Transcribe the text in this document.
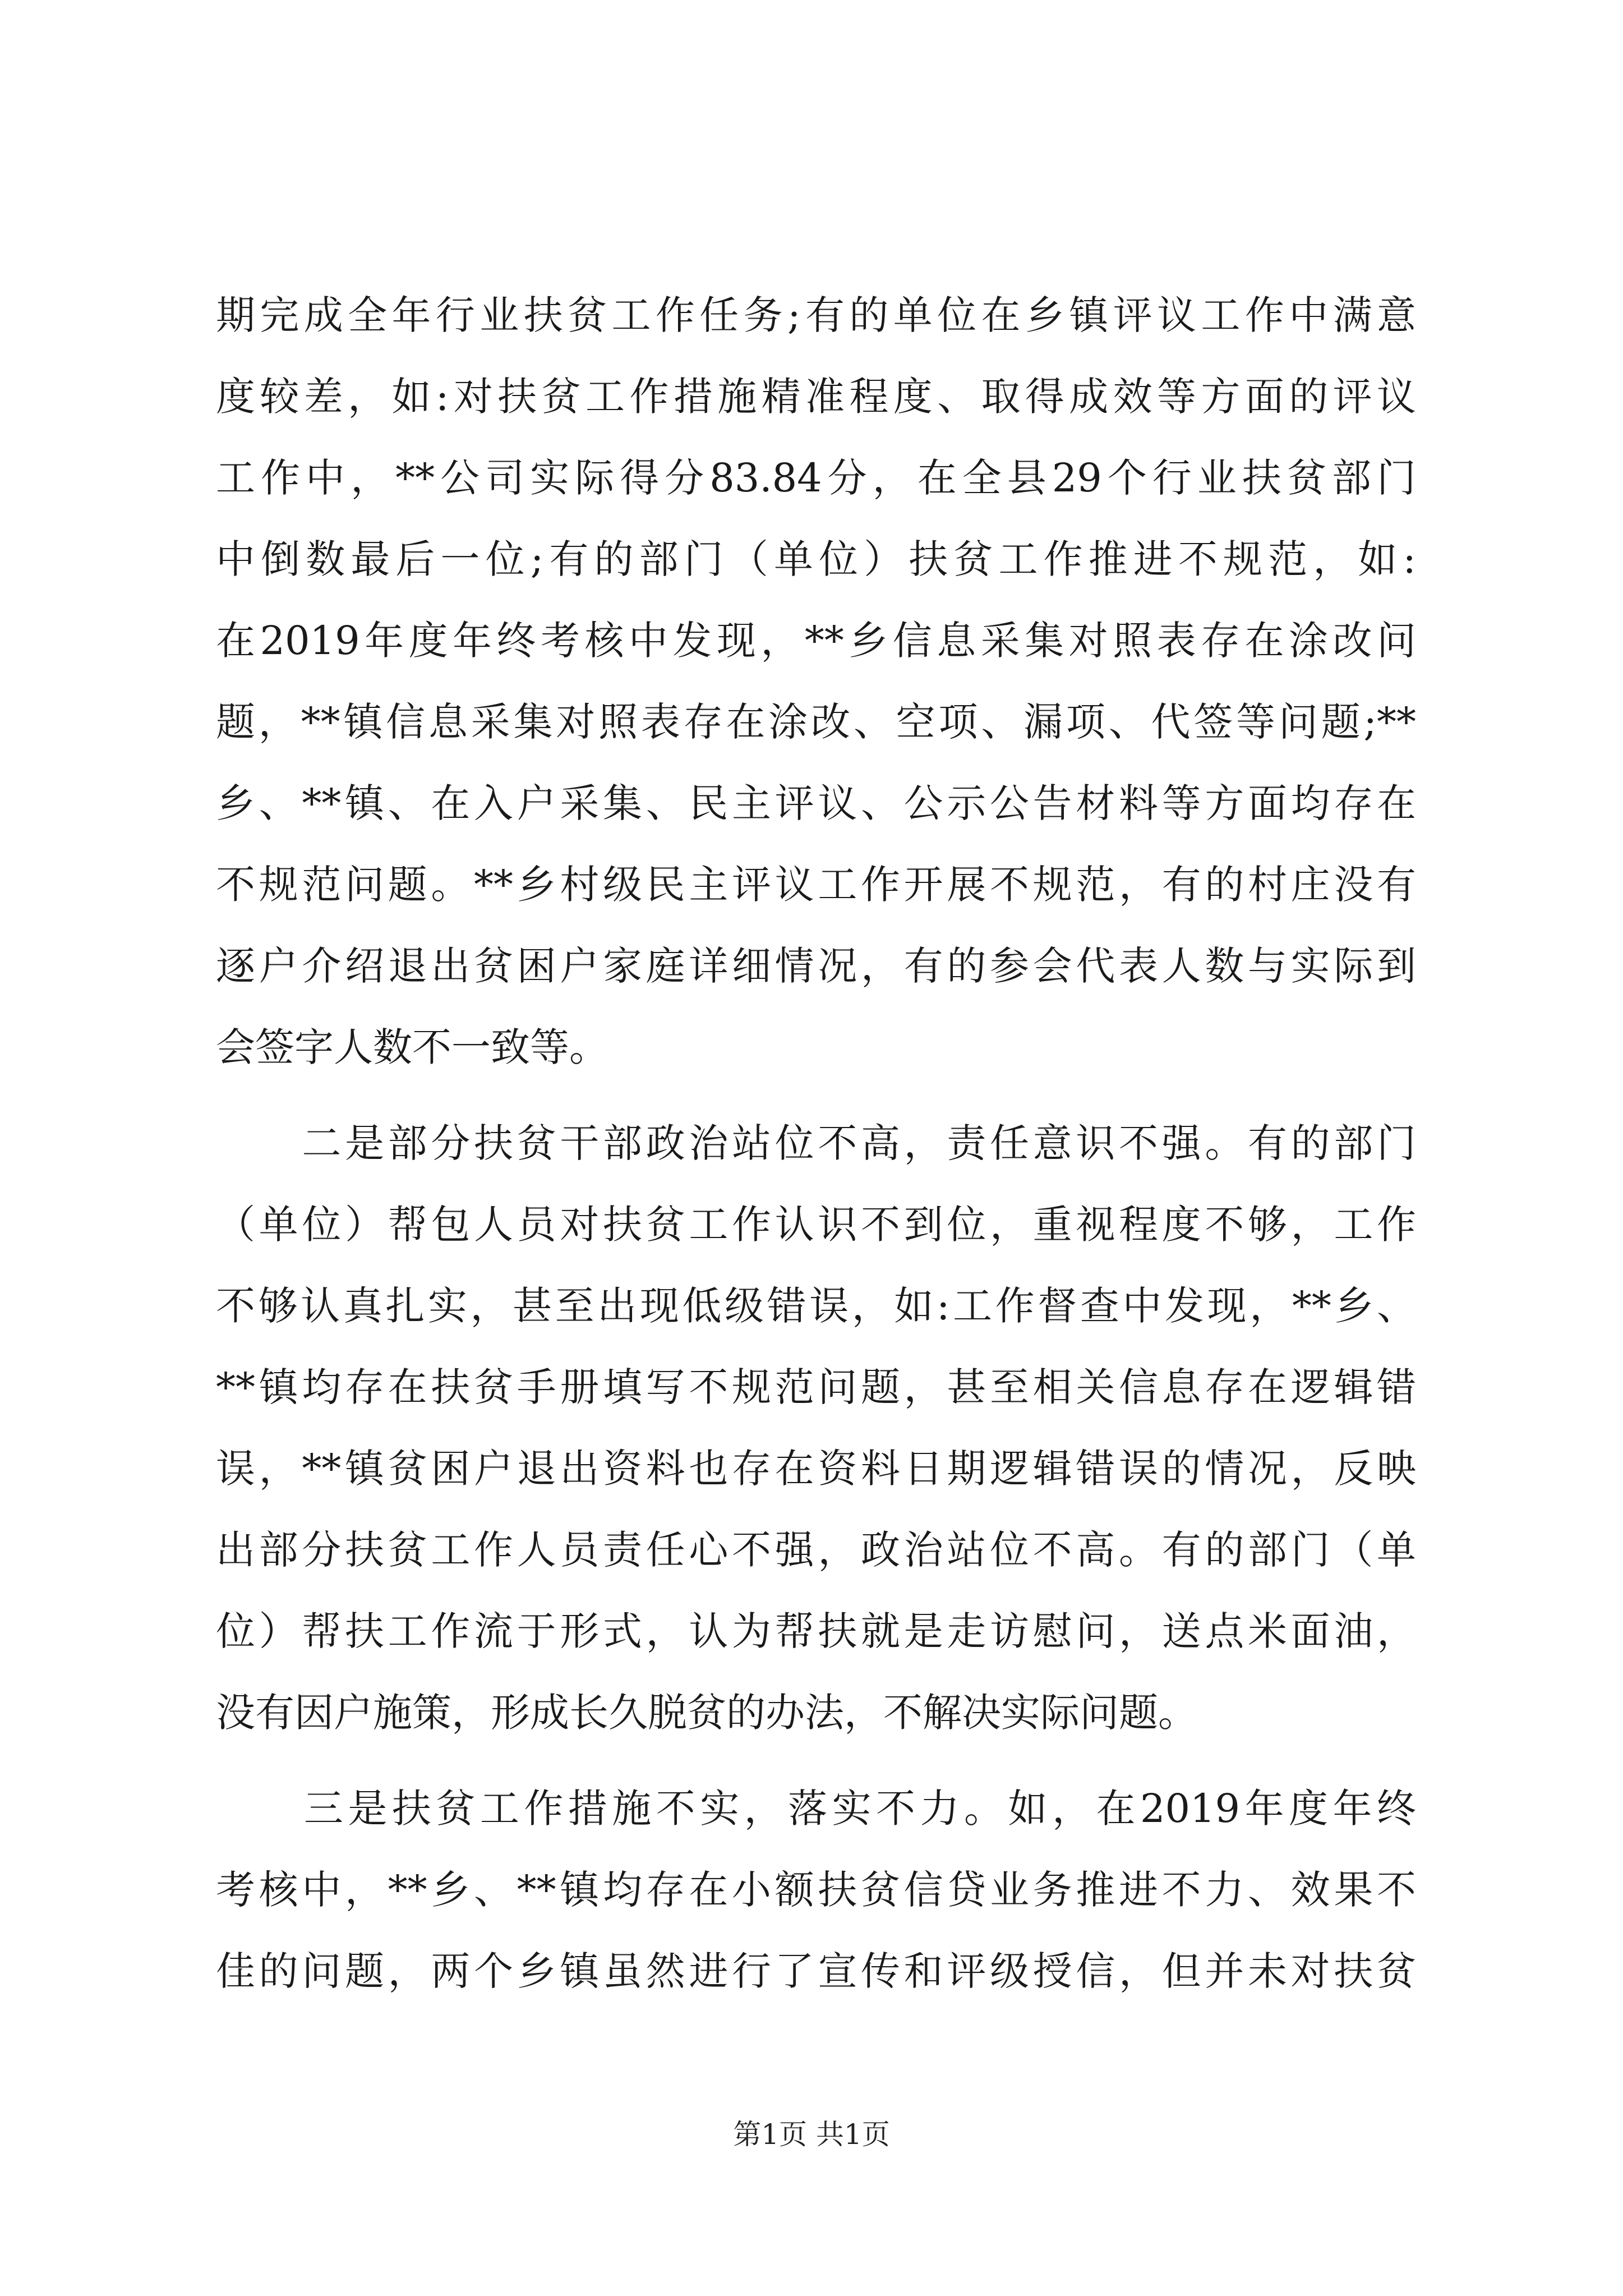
期完成全年行业扶贫工作任务;有的单位在乡镇评议工作中满意
度较差，如:对扶贫工作措施精准程度、取得成效等方面的评议
工作中，**公司实际得分83.84分，在全县29个行业扶贫部门
中倒数最后一位;有的部门（单位）扶贫工作推进不规范，如:
在2019年度年终考核中发现，**乡信息采集对照表存在涂改问
题，**镇信息采集对照表存在涂改、空项、漏项、代签等问题;**
乡、**镇、在入户采集、民主评议、公示公告材料等方面均存在
不规范问题。**乡村级民主评议工作开展不规范，有的村庄没有
逐户介绍退出贫困户家庭详细情况，有的参会代表人数与实际到
会签字人数不一致等。
　　二是部分扶贫干部政治站位不高，责任意识不强。有的部门
（单位）帮包人员对扶贫工作认识不到位，重视程度不够，工作
不够认真扎实，甚至出现低级错误，如:工作督查中发现，**乡、
**镇均存在扶贫手册填写不规范问题，甚至相关信息存在逻辑错
误，**镇贫困户退出资料也存在资料日期逻辑错误的情况，反映
出部分扶贫工作人员责任心不强，政治站位不高。有的部门（单
位）帮扶工作流于形式，认为帮扶就是走访慰问，送点米面油，
没有因户施策，形成长久脱贫的办法，不解决实际问题。
　　三是扶贫工作措施不实，落实不力。如，在2019年度年终
考核中，**乡、**镇均存在小额扶贫信贷业务推进不力、效果不
佳的问题，两个乡镇虽然进行了宣传和评级授信，但并未对扶贫
第1页 共1页
